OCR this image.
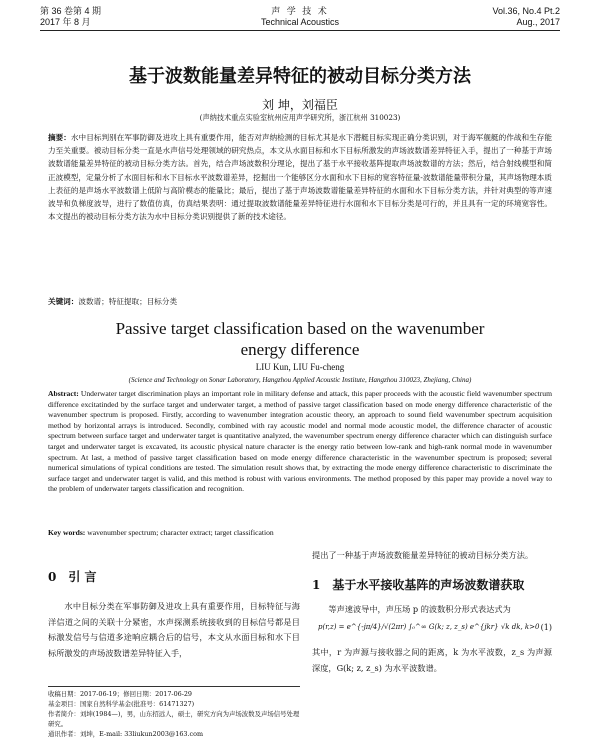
第 36 卷第 4 期
2017 年 8 月
声 学 技 术
Technical Acoustics
Vol.36, No.4 Pt.2
Aug., 2017
基于波数能量差异特征的被动目标分类方法
刘 坤，刘福臣
(声纳技术重点实验室杭州应用声学研究所，浙江杭州 310023)
摘要：水中目标判别在军事防御及进攻上具有重要作用，能否对声纳检测的目标尤其是水下潜艇目标实现正确分类识别，对于海军舰艇的作战和生存能力至关重要。被动目标分类一直是水声信号处理领域的研究热点，本文从水面目标和水下目标所激发的声场波数谱差异特征入手，提出了一种基于声场波数谱能量差异特征的被动目标分类方法。首先，结合声场波数积分理论，提出了基于水平接收基阵提取声场波数谱的方法；然后，结合射线模型和简正波模型，定量分析了水面目标和水下目标水平波数谱差异，挖掘出一个能够区分水面和水下目标的宽容特征量-波数谱能量带积分量，其声场物理本质上表征的是声场水平波数谱上低阶与高阶模态的能量比；最后，提出了基于声场波数谱能量差异特征的水面和水下目标分类方法，并针对典型的等声速波导和负梯度波导，进行了数值仿真，仿真结果表明：通过提取波数谱能量差异特征进行水面和水下目标分类是可行的，并且具有一定的环境宽容性。本文提出的被动目标分类方法为水中目标分类识别提供了新的技术途径。
关键词：波数谱；特征提取；目标分类
Passive target classification based on the wavenumber
energy difference
LIU Kun, LIU Fu-cheng
(Science and Technology on Sonar Laboratory, Hangzhou Applied Acoustic Institute, Hangzhou 310023, Zhejiang, China)
Abstract: Underwater target discrimination plays an important role in military defense and attack, this paper proceeds with the acoustic field wavenumber spectrum difference excitatinded by the surface target and underwater target, a method of passive target classification based on mode energy difference characteristic of the wavenumber spectrum is proposed. Firstly, according to wavenumber integration acoustic theory, an approach to sound field wavenumber spectrum acquisition method by horizontal arrays is introduced. Secondly, combined with ray acoustic model and normal mode acoustic model, the difference character of acoustic spectrum between surface target and underwater target is quantitative analyzed, the wavenumber spectrum energy difference character which can distinguish surface target and underwater target is excavated, its acoustic physical nature character is the energy ratio between low-rank and high-rank normal mode in wavenumber spectrum. At last, a method of passive target classification based on mode energy difference characteristic in the wavenumber spectrum is proposed; several numerical simulations of typical conditions are tested. The simulation result shows that, by extracting the mode energy difference characteristic to discriminate the surface target and underwater target is valid, and this method is robust with various environments. The method proposed by this paper may provide a novel way to the problem of underwater targets classification and recognition.
Key words: wavenumber spectrum; character extract; target classification
0　引 言
水中目标分类在军事防御及进攻上具有重要作用，目标特征与海洋信道之间的关联十分紧密，水声探测系统接收到的目标信号都是目标激发信号与信道多途响应耦合后的信号，本文从水面目标和水下目标所激发的声场波数谱差异特征入手，
提出了一种基于声场波数能量差异特征的被动目标分类方法。
1　基于水平接收基阵的声场波数谱获取
等声速波导中，声压场 p 的波数积分形式表达式为
p(r,z) = e^{-jπ/4}/√(2πr) ∫₀^∞ G(k; z, z_s) e^{jkr} √k dk, k>0 (1)
其中，r 为声源与接收器之间的距离，k 为水平波数，z_s 为声源深度，G(k; z, z_s) 为水平波数谱。
收稿日期：2017-06-19；修回日期：2017-06-29
基金项目：国家自然科学基金(批准号：61471327)
作者简介：刘坤(1984—)，男，山东招远人，硕士，研究方向为声场波数及声场信号处理研究。
通讯作者：刘坤，E-mail: 33liukun2003@163.com
